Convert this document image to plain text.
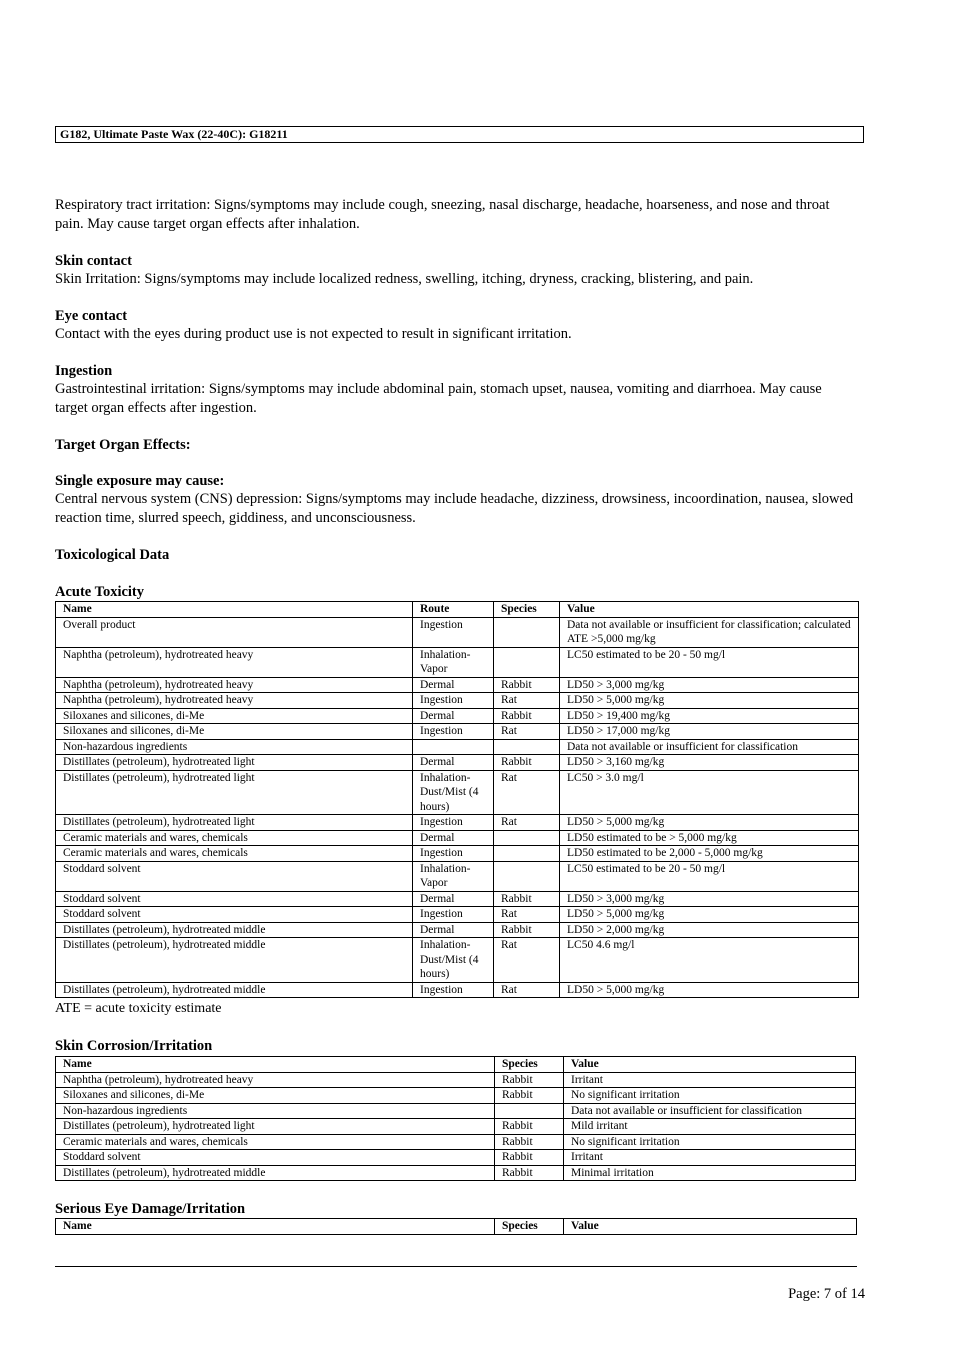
G182, Ultimate Paste Wax (22-40C): G18211
Respiratory tract irritation: Signs/symptoms may include cough, sneezing, nasal discharge, headache, hoarseness, and nose and throat pain. May cause target organ effects after inhalation.
Skin contact
Skin Irritation: Signs/symptoms may include localized redness, swelling, itching, dryness, cracking, blistering, and pain.
Eye contact
Contact with the eyes during product use is not expected to result in significant irritation.
Ingestion
Gastrointestinal irritation: Signs/symptoms may include abdominal pain, stomach upset, nausea, vomiting and diarrhoea. May cause target organ effects after ingestion.
Target Organ Effects:
Single exposure may cause:
Central nervous system (CNS) depression: Signs/symptoms may include headache, dizziness, drowsiness, incoordination, nausea, slowed reaction time, slurred speech, giddiness, and unconsciousness.
Toxicological Data
Acute Toxicity
Name	Route	Species	Value
Overall product	Ingestion		Data not available or insufficient for classification; calculated ATE >5,000 mg/kg
Naphtha (petroleum), hydrotreated heavy	Inhalation-Vapor		LC50 estimated to be 20 - 50 mg/l
Naphtha (petroleum), hydrotreated heavy	Dermal	Rabbit	LD50 > 3,000 mg/kg
Naphtha (petroleum), hydrotreated heavy	Ingestion	Rat	LD50 > 5,000 mg/kg
Siloxanes and silicones, di-Me	Dermal	Rabbit	LD50 > 19,400 mg/kg
Siloxanes and silicones, di-Me	Ingestion	Rat	LD50 > 17,000 mg/kg
Non-hazardous ingredients			Data not available or insufficient for classification
Distillates (petroleum), hydrotreated light	Dermal	Rabbit	LD50 > 3,160 mg/kg
Distillates (petroleum), hydrotreated light	Inhalation-Dust/Mist (4 hours)	Rat	LC50 > 3.0 mg/l
Distillates (petroleum), hydrotreated light	Ingestion	Rat	LD50 > 5,000 mg/kg
Ceramic materials and wares, chemicals	Dermal		LD50 estimated to be > 5,000 mg/kg
Ceramic materials and wares, chemicals	Ingestion		LD50 estimated to be 2,000 - 5,000 mg/kg
Stoddard solvent	Inhalation-Vapor		LC50 estimated to be 20 - 50 mg/l
Stoddard solvent	Dermal	Rabbit	LD50 > 3,000 mg/kg
Stoddard solvent	Ingestion	Rat	LD50 > 5,000 mg/kg
Distillates (petroleum), hydrotreated middle	Dermal	Rabbit	LD50 > 2,000 mg/kg
Distillates (petroleum), hydrotreated middle	Inhalation-Dust/Mist (4 hours)	Rat	LC50 4.6 mg/l
Distillates (petroleum), hydrotreated middle	Ingestion	Rat	LD50 > 5,000 mg/kg
ATE = acute toxicity estimate
Skin Corrosion/Irritation
Name	Species	Value
Naphtha (petroleum), hydrotreated heavy	Rabbit	Irritant
Siloxanes and silicones, di-Me	Rabbit	No significant irritation
Non-hazardous ingredients		Data not available or insufficient for classification
Distillates (petroleum), hydrotreated light	Rabbit	Mild irritant
Ceramic materials and wares, chemicals	Rabbit	No significant irritation
Stoddard solvent	Rabbit	Irritant
Distillates (petroleum), hydrotreated middle	Rabbit	Minimal irritation
Serious Eye Damage/Irritation
Name	Species	Value
Page: 7 of 14
